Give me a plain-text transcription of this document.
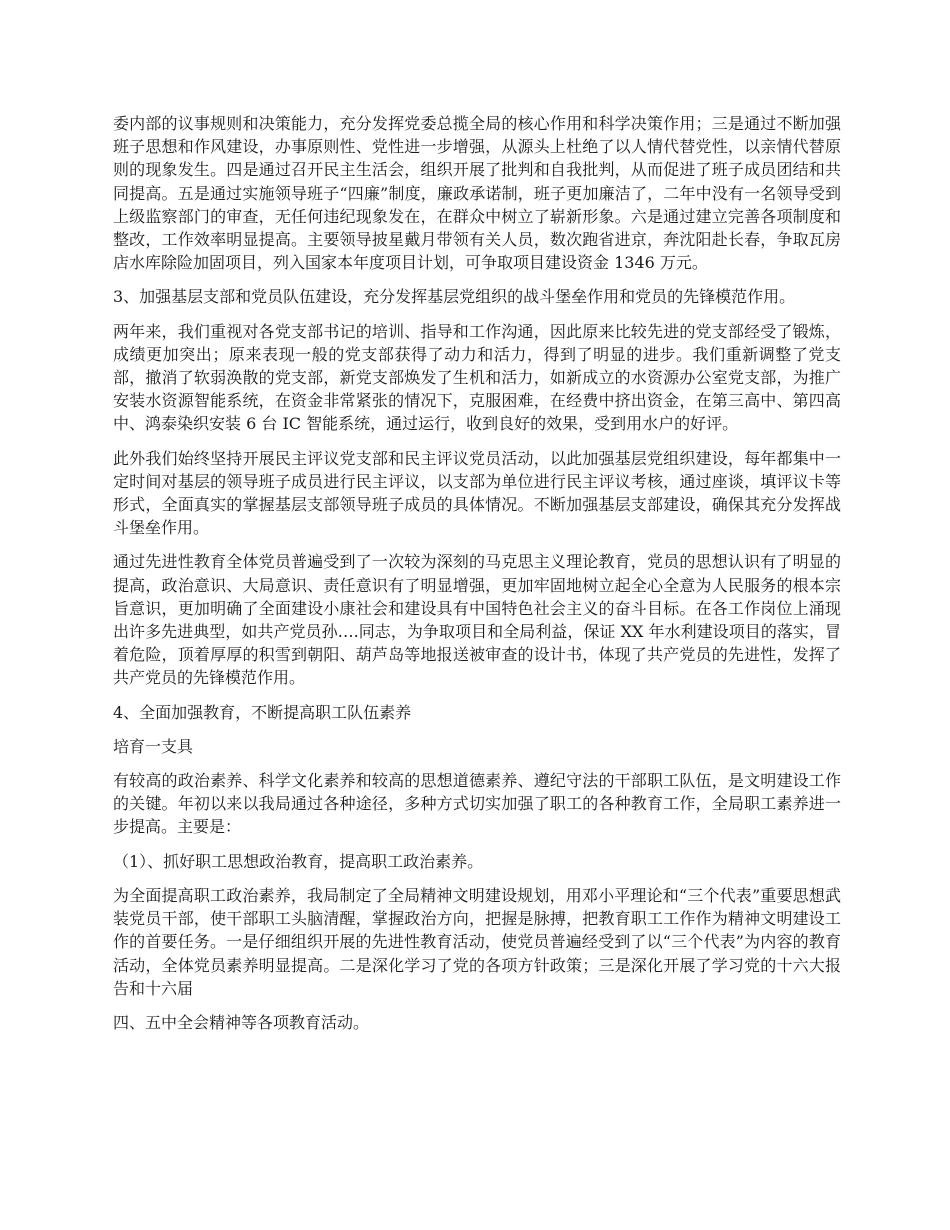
委内部的议事规则和决策能力，充分发挥党委总揽全局的核心作用和科学决策作用；三是通过不断加强班子思想和作风建设，办事原则性、党性进一步增强，从源头上杜绝了以人情代替党性，以亲情代替原则的现象发生。四是通过召开民主生活会，组织开展了批判和自我批判，从而促进了班子成员团结和共同提高。五是通过实施领导班子“四廉”制度，廉政承诺制，班子更加廉洁了，二年中没有一名领导受到上级监察部门的审查，无任何违纪现象发在，在群众中树立了崭新形象。六是通过建立完善各项制度和整改，工作效率明显提高。主要领导披星戴月带领有关人员，数次跑省进京，奔沈阳赴长春，争取瓦房店水库除险加固项目，列入国家本年度项目计划，可争取项目建设资金 1346 万元。

3、加强基层支部和党员队伍建设，充分发挥基层党组织的战斗堡垒作用和党员的先锋模范作用。

两年来，我们重视对各党支部书记的培训、指导和工作沟通，因此原来比较先进的党支部经受了锻炼，成绩更加突出；原来表现一般的党支部获得了动力和活力，得到了明显的进步。我们重新调整了党支部，撤消了软弱涣散的党支部，新党支部焕发了生机和活力，如新成立的水资源办公室党支部，为推广安装水资源智能系统，在资金非常紧张的情况下，克服困难，在经费中挤出资金，在第三高中、第四高中、鸿泰染织安装 6 台 IC 智能系统，通过运行，收到良好的效果，受到用水户的好评。

此外我们始终坚持开展民主评议党支部和民主评议党员活动，以此加强基层党组织建设，每年都集中一定时间对基层的领导班子成员进行民主评议，以支部为单位进行民主评议考核，通过座谈，填评议卡等形式，全面真实的掌握基层支部领导班子成员的具体情况。不断加强基层支部建设，确保其充分发挥战斗堡垒作用。

通过先进性教育全体党员普遍受到了一次较为深刻的马克思主义理论教育，党员的思想认识有了明显的提高，政治意识、大局意识、责任意识有了明显增强，更加牢固地树立起全心全意为人民服务的根本宗旨意识，更加明确了全面建设小康社会和建设具有中国特色社会主义的奋斗目标。在各工作岗位上涌现出许多先进典型，如共产党员孙….同志，为争取项目和全局利益，保证 XX 年水利建设项目的落实，冒着危险，顶着厚厚的积雪到朝阳、葫芦岛等地报送被审查的设计书，体现了共产党员的先进性，发挥了共产党员的先锋模范作用。

4、全面加强教育，不断提高职工队伍素养

培育一支具

有较高的政治素养、科学文化素养和较高的思想道德素养、遵纪守法的干部职工队伍，是文明建设工作的关键。年初以来以我局通过各种途径，多种方式切实加强了职工的各种教育工作，全局职工素养进一步提高。主要是：

（1）、抓好职工思想政治教育，提高职工政治素养。

为全面提高职工政治素养，我局制定了全局精神文明建设规划，用邓小平理论和“三个代表”重要思想武装党员干部，使干部职工头脑清醒，掌握政治方向，把握是脉搏，把教育职工工作作为精神文明建设工作的首要任务。一是仔细组织开展的先进性教育活动，使党员普遍经受到了以“三个代表”为内容的教育活动，全体党员素养明显提高。二是深化学习了党的各项方针政策；三是深化开展了学习党的十六大报告和十六届

四、五中全会精神等各项教育活动。
